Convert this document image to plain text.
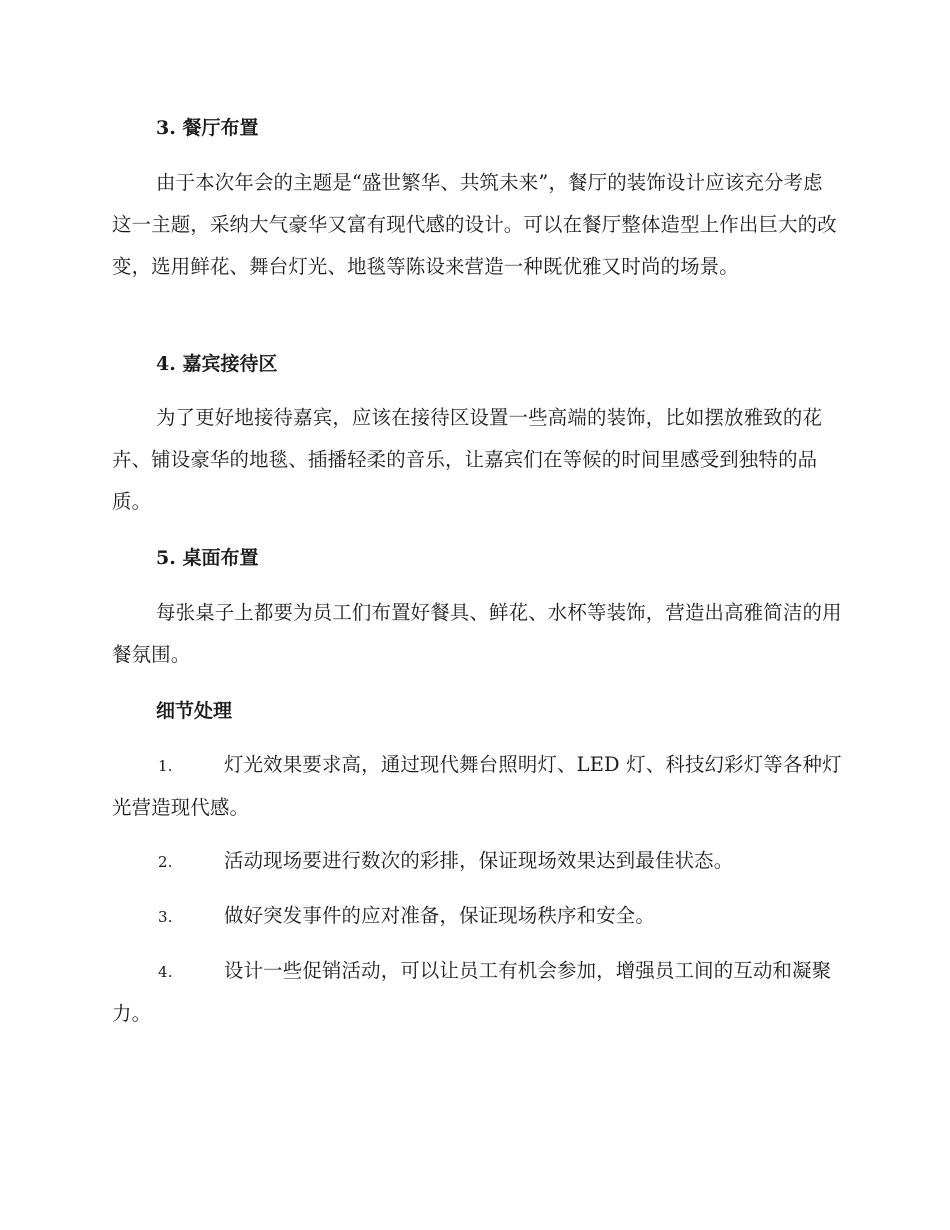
3. 餐厅布置

由于本次年会的主题是“盛世繁华、共筑未来”，餐厅的装饰设计应该充分考虑这一主题，采纳大气豪华又富有现代感的设计。可以在餐厅整体造型上作出巨大的改变，选用鲜花、舞台灯光、地毯等陈设来营造一种既优雅又时尚的场景。

4. 嘉宾接待区

为了更好地接待嘉宾，应该在接待区设置一些高端的装饰，比如摆放雅致的花卉、铺设豪华的地毯、插播轻柔的音乐，让嘉宾们在等候的时间里感受到独特的品质。

5. 桌面布置

每张桌子上都要为员工们布置好餐具、鲜花、水杯等装饰，营造出高雅简洁的用餐氛围。

细节处理

1.	灯光效果要求高，通过现代舞台照明灯、LED 灯、科技幻彩灯等各种灯光营造现代感。

2.	活动现场要进行数次的彩排，保证现场效果达到最佳状态。

3.	做好突发事件的应对准备，保证现场秩序和安全。

4.	设计一些促销活动，可以让员工有机会参加，增强员工间的互动和凝聚力。
